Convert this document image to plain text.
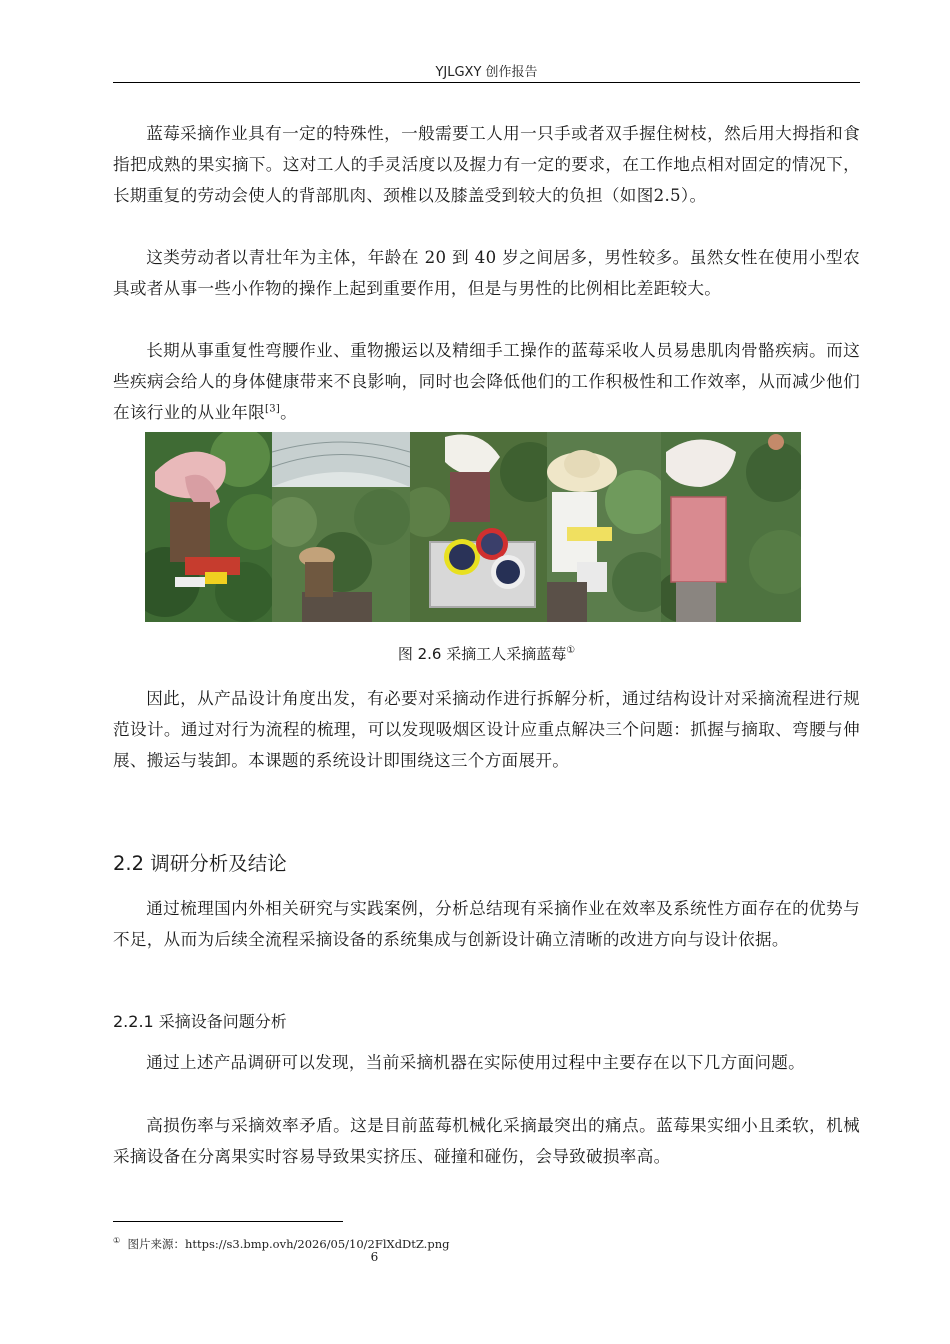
YJLGXY 创作报告

蓝莓采摘作业具有一定的特殊性，一般需要工人用一只手或者双手握住树枝，然后用大拇指和食指把成熟的果实摘下。这对工人的手灵活度以及握力有一定的要求，在工作地点相对固定的情况下，长期重复的劳动会使人的背部肌肉、颈椎以及膝盖受到较大的负担（如图2.5）。

这类劳动者以青壮年为主体，年龄在 20 到 40 岁之间居多，男性较多。虽然女性在使用小型农具或者从事一些小作物的操作上起到重要作用，但是与男性的比例相比差距较大。

长期从事重复性弯腰作业、重物搬运以及精细手工操作的蓝莓采收人员易患肌肉骨骼疾病。而这些疾病会给人的身体健康带来不良影响，同时也会降低他们的工作积极性和工作效率，从而减少他们在该行业的从业年限[3]。

图 2.6 采摘工人采摘蓝莓①

因此，从产品设计角度出发，有必要对采摘动作进行拆解分析，通过结构设计对采摘流程进行规范设计。通过对行为流程的梳理，可以发现吸烟区设计应重点解决三个问题：抓握与摘取、弯腰与伸展、搬运与装卸。本课题的系统设计即围绕这三个方面展开。

2.2 调研分析及结论

通过梳理国内外相关研究与实践案例，分析总结现有采摘作业在效率及系统性方面存在的优势与不足，从而为后续全流程采摘设备的系统集成与创新设计确立清晰的改进方向与设计依据。

2.2.1 采摘设备问题分析

通过上述产品调研可以发现，当前采摘机器在实际使用过程中主要存在以下几方面问题。

高损伤率与采摘效率矛盾。这是目前蓝莓机械化采摘最突出的痛点。蓝莓果实细小且柔软，机械采摘设备在分离果实时容易导致果实挤压、碰撞和碰伤，会导致破损率高。

① 图片来源：https://s3.bmp.ovh/2026/05/10/2FlXdDtZ.png
6
